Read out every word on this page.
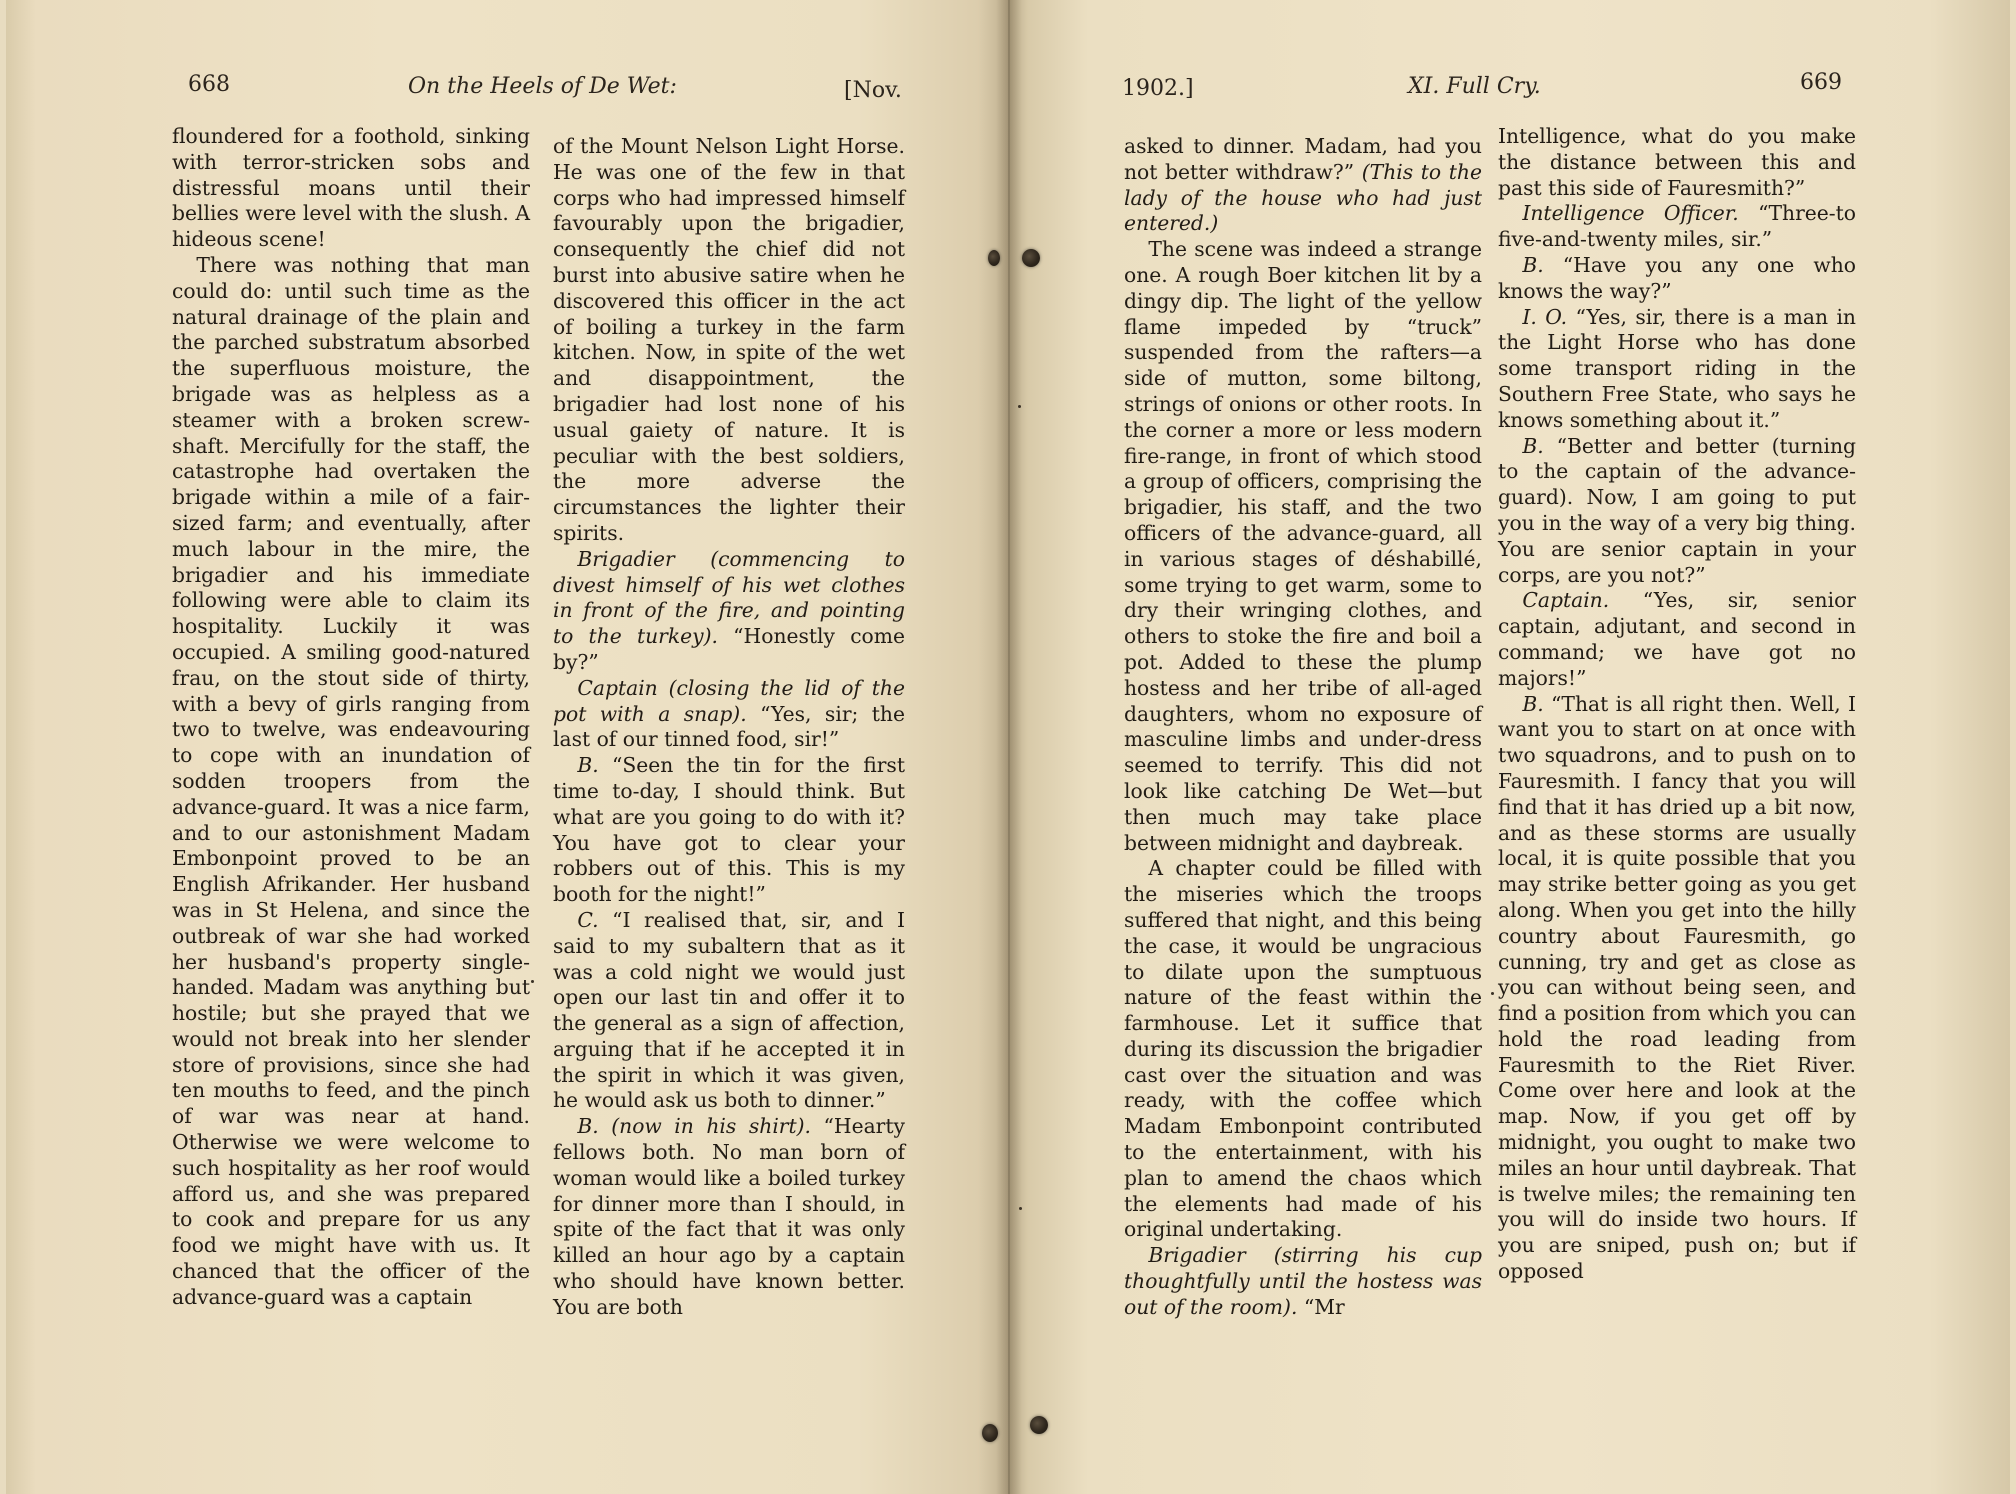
668	On the Heels of De Wet:	[Nov.

floundered for a foothold, sinking with terror-stricken sobs and distressful moans until their bellies were level with the slush. A hideous scene!

There was nothing that man could do: until such time as the natural drainage of the plain and the parched substratum absorbed the superfluous moisture, the brigade was as helpless as a steamer with a broken screw-shaft. Mercifully for the staff, the catastrophe had overtaken the brigade within a mile of a fair-sized farm; and eventually, after much labour in the mire, the brigadier and his immediate following were able to claim its hospitality. Luckily it was occupied. A smiling good-natured frau, on the stout side of thirty, with a bevy of girls ranging from two to twelve, was endeavouring to cope with an inundation of sodden troopers from the advance-guard. It was a nice farm, and to our astonishment Madam Embonpoint proved to be an English Afrikander. Her husband was in St Helena, and since the outbreak of war she had worked her husband's property single-handed. Madam was anything but hostile; but she prayed that we would not break into her slender store of provisions, since she had ten mouths to feed, and the pinch of war was near at hand. Otherwise we were welcome to such hospitality as her roof would afford us, and she was prepared to cook and prepare for us any food we might have with us. It chanced that the officer of the advance-guard was a captain

of the Mount Nelson Light Horse. He was one of the few in that corps who had impressed himself favourably upon the brigadier, consequently the chief did not burst into abusive satire when he discovered this officer in the act of boiling a turkey in the farm kitchen. Now, in spite of the wet and disappointment, the brigadier had lost none of his usual gaiety of nature. It is peculiar with the best soldiers, the more adverse the circumstances the lighter their spirits.

Brigadier (commencing to divest himself of his wet clothes in front of the fire, and pointing to the turkey). “Honestly come by?”

Captain (closing the lid of the pot with a snap). “Yes, sir; the last of our tinned food, sir!”

B. “Seen the tin for the first time to-day, I should think. But what are you going to do with it? You have got to clear your robbers out of this. This is my booth for the night!”

C. “I realised that, sir, and I said to my subaltern that as it was a cold night we would just open our last tin and offer it to the general as a sign of affection, arguing that if he accepted it in the spirit in which it was given, he would ask us both to dinner.”

B. (now in his shirt). “Hearty fellows both. No man born of woman would like a boiled turkey for dinner more than I should, in spite of the fact that it was only killed an hour ago by a captain who should have known better. You are both

1902.]	XI. Full Cry.	669

asked to dinner. Madam, had you not better withdraw?” (This to the lady of the house who had just entered.)

The scene was indeed a strange one. A rough Boer kitchen lit by a dingy dip. The light of the yellow flame impeded by “truck” suspended from the rafters—a side of mutton, some biltong, strings of onions or other roots. In the corner a more or less modern fire-range, in front of which stood a group of officers, comprising the brigadier, his staff, and the two officers of the advance-guard, all in various stages of déshabillé, some trying to get warm, some to dry their wringing clothes, and others to stoke the fire and boil a pot. Added to these the plump hostess and her tribe of all-aged daughters, whom no exposure of masculine limbs and under-dress seemed to terrify. This did not look like catching De Wet—but then much may take place between midnight and daybreak.

A chapter could be filled with the miseries which the troops suffered that night, and this being the case, it would be ungracious to dilate upon the sumptuous nature of the feast within the farmhouse. Let it suffice that during its discussion the brigadier cast over the situation and was ready, with the coffee which Madam Embonpoint contributed to the entertainment, with his plan to amend the chaos which the elements had made of his original undertaking.

Brigadier (stirring his cup thoughtfully until the hostess was out of the room). “Mr

Intelligence, what do you make the distance between this and past this side of Fauresmith?”

Intelligence Officer. “Three-to five-and-twenty miles, sir.”

B. “Have you any one who knows the way?”

I. O. “Yes, sir, there is a man in the Light Horse who has done some transport riding in the Southern Free State, who says he knows something about it.”

B. “Better and better (turning to the captain of the advance-guard). Now, I am going to put you in the way of a very big thing. You are senior captain in your corps, are you not?”

Captain. “Yes, sir, senior captain, adjutant, and second in command; we have got no majors!”

B. “That is all right then. Well, I want you to start on at once with two squadrons, and to push on to Fauresmith. I fancy that you will find that it has dried up a bit now, and as these storms are usually local, it is quite possible that you may strike better going as you get along. When you get into the hilly country about Fauresmith, go cunning, try and get as close as you can without being seen, and find a position from which you can hold the road leading from Fauresmith to the Riet River. Come over here and look at the map. Now, if you get off by midnight, you ought to make two miles an hour until daybreak. That is twelve miles; the remaining ten you will do inside two hours. If you are sniped, push on; but if opposed
